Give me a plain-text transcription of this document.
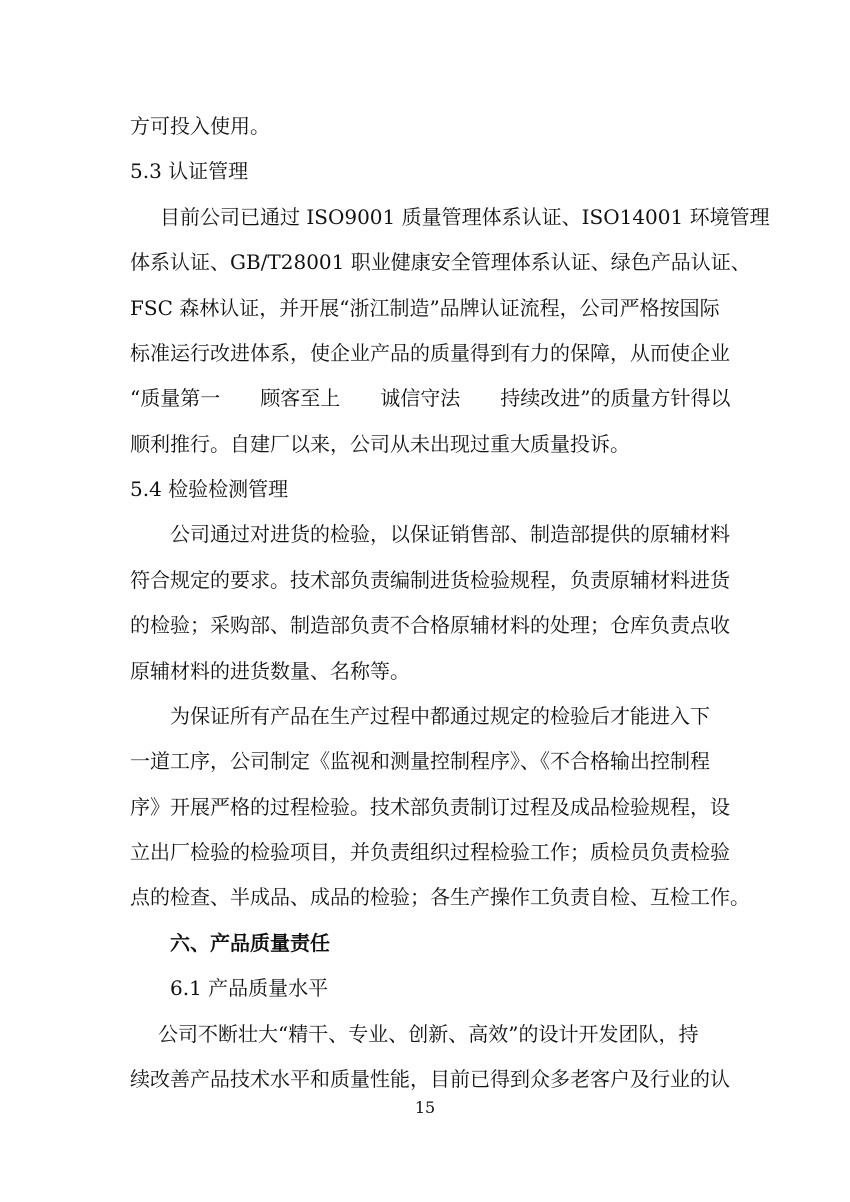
方可投入使用。
5.3 认证管理
目前公司已通过 ISO9001 质量管理体系认证、ISO14001 环境管理
体系认证、GB/T28001 职业健康安全管理体系认证、绿色产品认证、
FSC 森林认证，并开展“浙江制造”品牌认证流程，公司严格按国际
标准运行改进体系，使企业产品的质量得到有力的保障，从而使企业
“质量第一　　顾客至上　　诚信守法　　持续改进”的质量方针得以
顺利推行。自建厂以来，公司从未出现过重大质量投诉。
5.4 检验检测管理
公司通过对进货的检验，以保证销售部、制造部提供的原辅材料
符合规定的要求。技术部负责编制进货检验规程，负责原辅材料进货
的检验；采购部、制造部负责不合格原辅材料的处理；仓库负责点收
原辅材料的进货数量、名称等。
为保证所有产品在生产过程中都通过规定的检验后才能进入下
一道工序，公司制定《监视和测量控制程序》、《不合格输出控制程
序》开展严格的过程检验。技术部负责制订过程及成品检验规程，设
立出厂检验的检验项目，并负责组织过程检验工作；质检员负责检验
点的检查、半成品、成品的检验；各生产操作工负责自检、互检工作。
六、产品质量责任
6.1 产品质量水平
公司不断壮大“精干、专业、创新、高效”的设计开发团队，持
续改善产品技术水平和质量性能，目前已得到众多老客户及行业的认
15
